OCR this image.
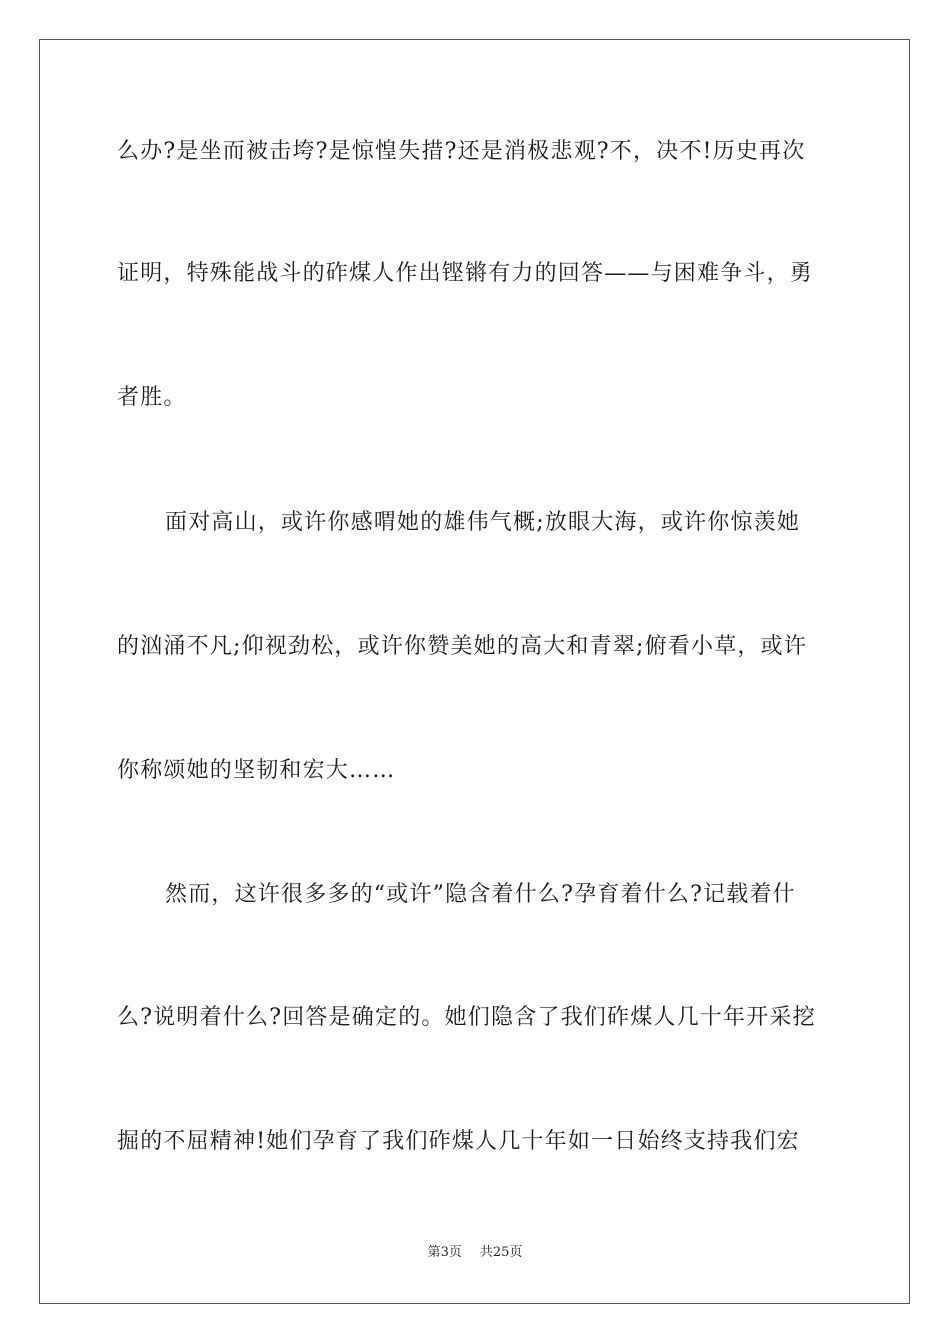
么办?是坐而被击垮?是惊惶失措?还是消极悲观?不，决不!历史再次
证明，特殊能战斗的砟煤人作出铿锵有力的回答——与困难争斗，勇
者胜。
面对高山，或许你感喟她的雄伟气概;放眼大海，或许你惊羡她
的汹涌不凡;仰视劲松，或许你赞美她的高大和青翠;俯看小草，或许
你称颂她的坚韧和宏大……
然而，这许很多多的“或许”隐含着什么?孕育着什么?记载着什
么?说明着什么?回答是确定的。她们隐含了我们砟煤人几十年开采挖
掘的不屈精神!她们孕育了我们砟煤人几十年如一日始终支持我们宏
第3页 共25页
